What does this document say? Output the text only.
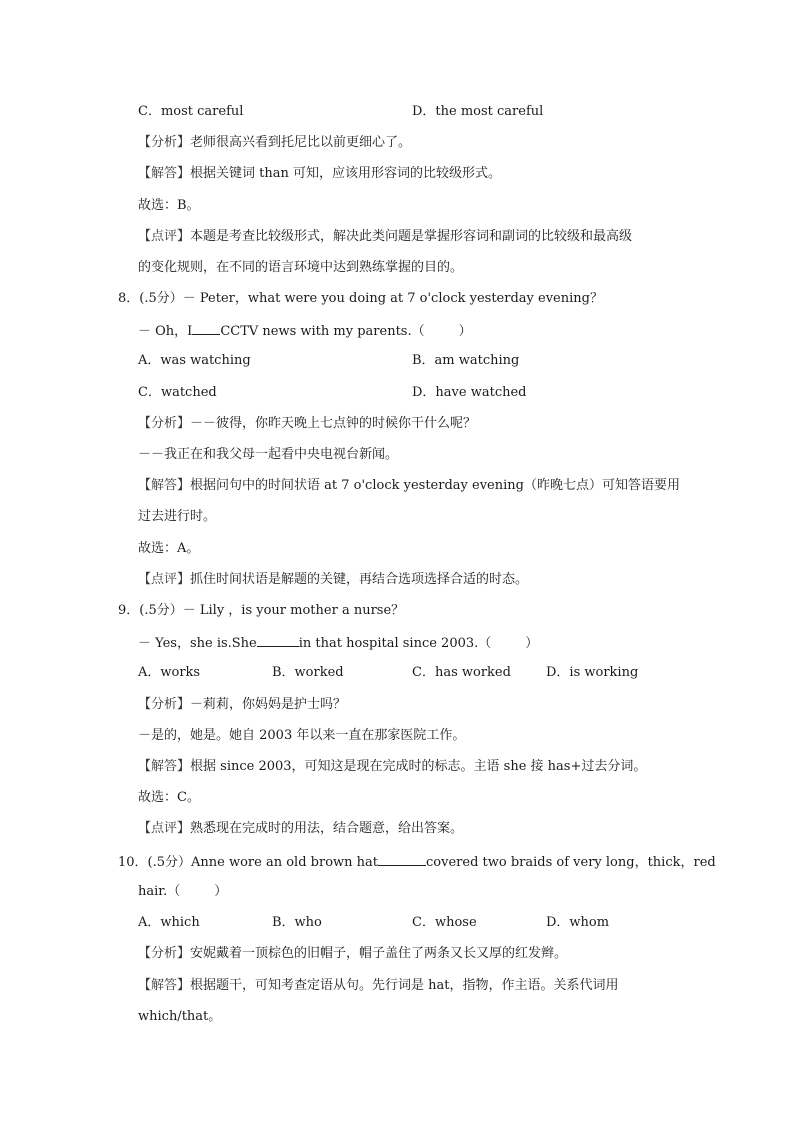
C．most careful	D．the most careful
【分析】老师很高兴看到托尼比以前更细心了。
【解答】根据关键词 than 可知，应该用形容词的比较级形式。
故选：B。
【点评】本题是考查比较级形式，解决此类问题是掌握形容词和副词的比较级和最高级
的变化规则，在不同的语言环境中达到熟练掌握的目的。
8．(.5分）－ Peter，what were you doing at 7 o'clock yesterday evening？
－ Oh，I CCTV news with my parents.（	）
A．was watching	B．am watching
C．watched	D．have watched
【分析】－－彼得，你昨天晚上七点钟的时候你干什么呢？
－－我正在和我父母一起看中央电视台新闻。
【解答】根据问句中的时间状语 at 7 o'clock yesterday evening（昨晚七点）可知答语要用
过去进行时。
故选：A。
【点评】抓住时间状语是解题的关键，再结合选项选择合适的时态。
9．(.5分）－ Lily ，is your mother a nurse？
－ Yes，she is.She	in that hospital since 2003.（	）
A．works	B．worked	C．has worked	D．is working
【分析】－莉莉，你妈妈是护士吗？
－是的，她是。她自 2003 年以来一直在那家医院工作。
【解答】根据 since 2003，可知这是现在完成时的标志。主语 she 接 has+过去分词。
故选：C。
【点评】熟悉现在完成时的用法，结合题意，给出答案。
10．(.5分）Anne wore an old brown hat	covered two braids of very long，thick，red
hair.（	）
A．which	B．who	C．whose	D．whom
【分析】安妮戴着一顶棕色的旧帽子，帽子盖住了两条又长又厚的红发辫。
【解答】根据题干，可知考查定语从句。先行词是 hat，指物，作主语。关系代词用
which/that。
